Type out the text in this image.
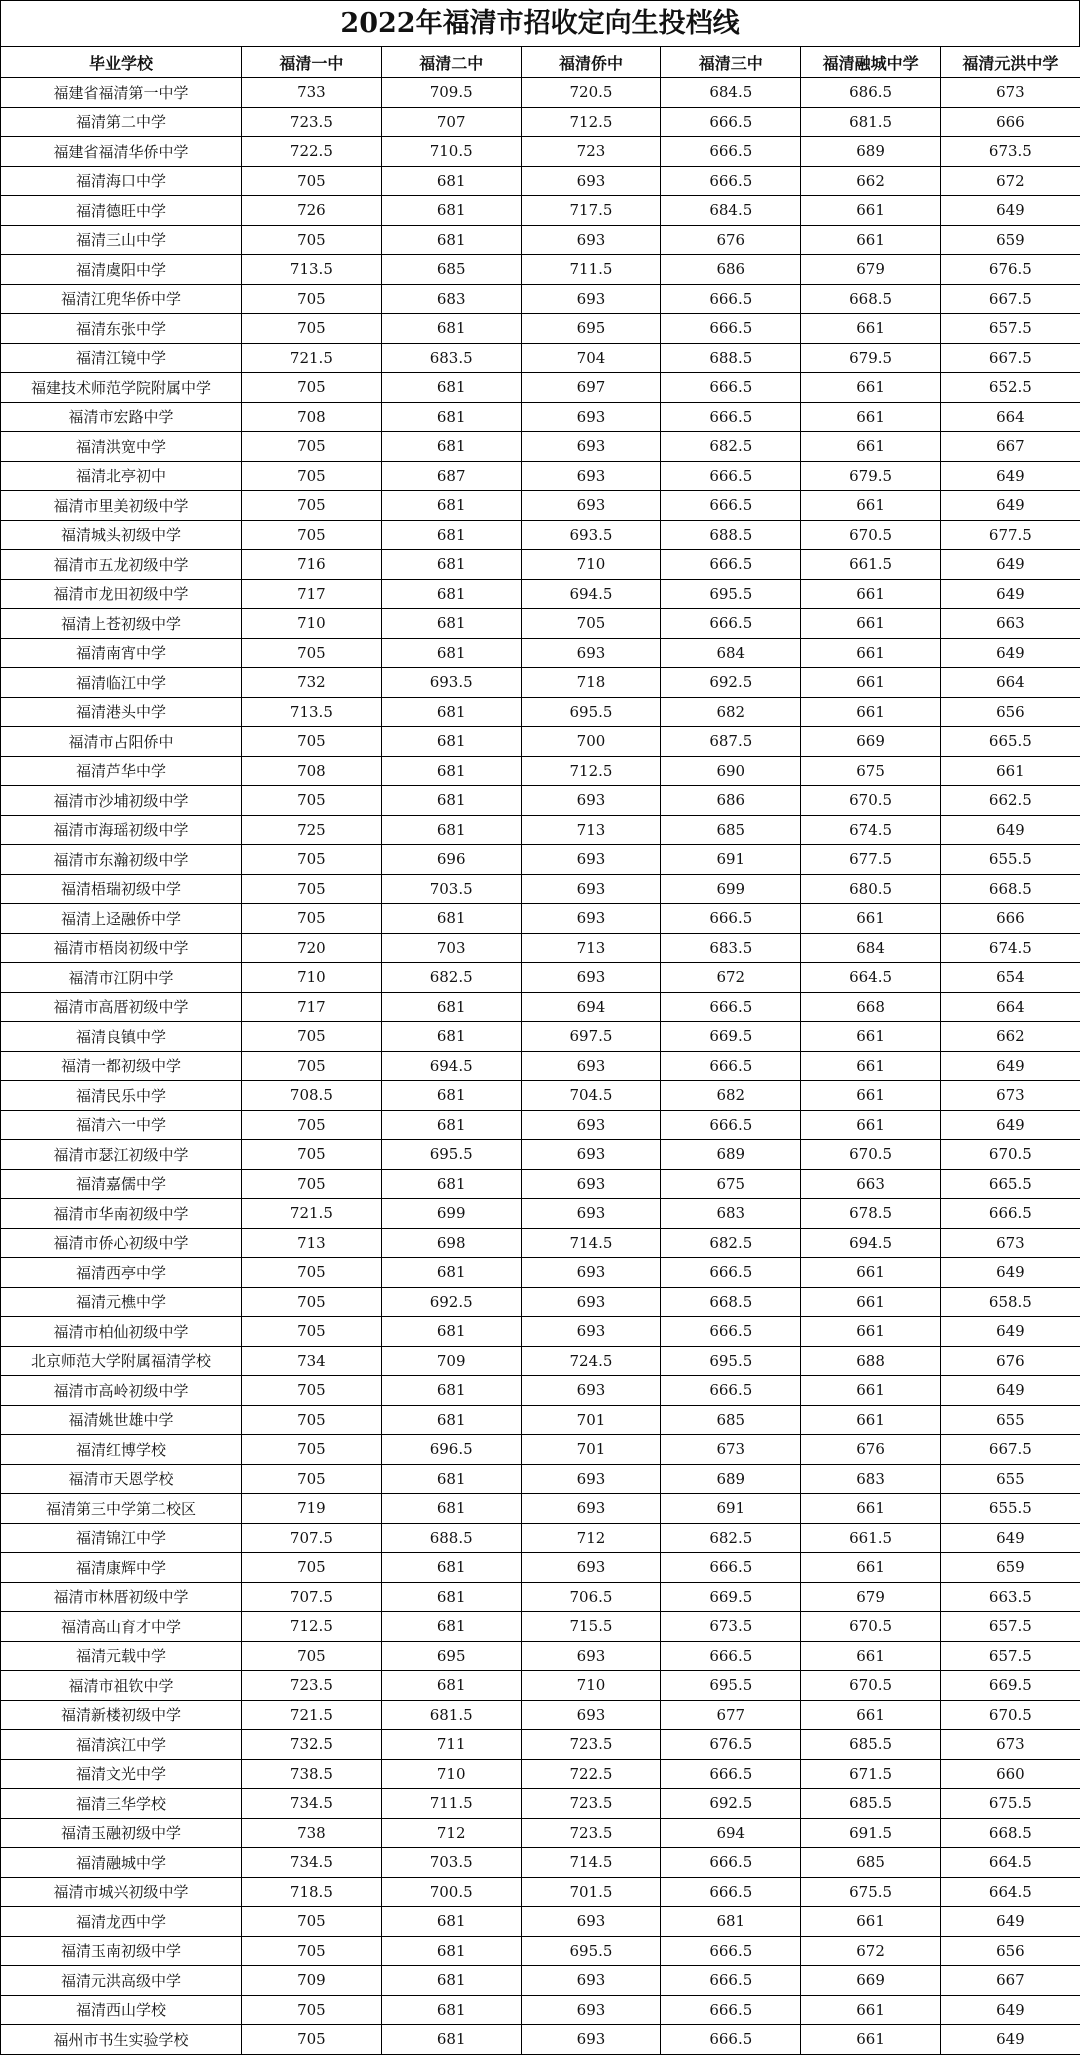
2022年福清市招收定向生投档线
毕业学校	福清一中	福清二中	福清侨中	福清三中	福清融城中学	福清元洪中学
福建省福清第一中学	733	709.5	720.5	684.5	686.5	673
福清第二中学	723.5	707	712.5	666.5	681.5	666
福建省福清华侨中学	722.5	710.5	723	666.5	689	673.5
福清海口中学	705	681	693	666.5	662	672
福清德旺中学	726	681	717.5	684.5	661	649
福清三山中学	705	681	693	676	661	659
福清虞阳中学	713.5	685	711.5	686	679	676.5
福清江兜华侨中学	705	683	693	666.5	668.5	667.5
福清东张中学	705	681	695	666.5	661	657.5
福清江镜中学	721.5	683.5	704	688.5	679.5	667.5
福建技术师范学院附属中学	705	681	697	666.5	661	652.5
福清市宏路中学	708	681	693	666.5	661	664
福清洪宽中学	705	681	693	682.5	661	667
福清北亭初中	705	687	693	666.5	679.5	649
福清市里美初级中学	705	681	693	666.5	661	649
福清城头初级中学	705	681	693.5	688.5	670.5	677.5
福清市五龙初级中学	716	681	710	666.5	661.5	649
福清市龙田初级中学	717	681	694.5	695.5	661	649
福清上苍初级中学	710	681	705	666.5	661	663
福清南宵中学	705	681	693	684	661	649
福清临江中学	732	693.5	718	692.5	661	664
福清港头中学	713.5	681	695.5	682	661	656
福清市占阳侨中	705	681	700	687.5	669	665.5
福清芦华中学	708	681	712.5	690	675	661
福清市沙埔初级中学	705	681	693	686	670.5	662.5
福清市海瑶初级中学	725	681	713	685	674.5	649
福清市东瀚初级中学	705	696	693	691	677.5	655.5
福清梧瑞初级中学	705	703.5	693	699	680.5	668.5
福清上迳融侨中学	705	681	693	666.5	661	666
福清市梧岗初级中学	720	703	713	683.5	684	674.5
福清市江阴中学	710	682.5	693	672	664.5	654
福清市高厝初级中学	717	681	694	666.5	668	664
福清良镇中学	705	681	697.5	669.5	661	662
福清一都初级中学	705	694.5	693	666.5	661	649
福清民乐中学	708.5	681	704.5	682	661	673
福清六一中学	705	681	693	666.5	661	649
福清市瑟江初级中学	705	695.5	693	689	670.5	670.5
福清嘉儒中学	705	681	693	675	663	665.5
福清市华南初级中学	721.5	699	693	683	678.5	666.5
福清市侨心初级中学	713	698	714.5	682.5	694.5	673
福清西亭中学	705	681	693	666.5	661	649
福清元樵中学	705	692.5	693	668.5	661	658.5
福清市柏仙初级中学	705	681	693	666.5	661	649
北京师范大学附属福清学校	734	709	724.5	695.5	688	676
福清市高岭初级中学	705	681	693	666.5	661	649
福清姚世雄中学	705	681	701	685	661	655
福清红博学校	705	696.5	701	673	676	667.5
福清市天恩学校	705	681	693	689	683	655
福清第三中学第二校区	719	681	693	691	661	655.5
福清锦江中学	707.5	688.5	712	682.5	661.5	649
福清康辉中学	705	681	693	666.5	661	659
福清市林厝初级中学	707.5	681	706.5	669.5	679	663.5
福清高山育才中学	712.5	681	715.5	673.5	670.5	657.5
福清元载中学	705	695	693	666.5	661	657.5
福清市祖钦中学	723.5	681	710	695.5	670.5	669.5
福清新楼初级中学	721.5	681.5	693	677	661	670.5
福清滨江中学	732.5	711	723.5	676.5	685.5	673
福清文光中学	738.5	710	722.5	666.5	671.5	660
福清三华学校	734.5	711.5	723.5	692.5	685.5	675.5
福清玉融初级中学	738	712	723.5	694	691.5	668.5
福清融城中学	734.5	703.5	714.5	666.5	685	664.5
福清市城兴初级中学	718.5	700.5	701.5	666.5	675.5	664.5
福清龙西中学	705	681	693	681	661	649
福清玉南初级中学	705	681	695.5	666.5	672	656
福清元洪高级中学	709	681	693	666.5	669	667
福清西山学校	705	681	693	666.5	661	649
福州市书生实验学校	705	681	693	666.5	661	649
